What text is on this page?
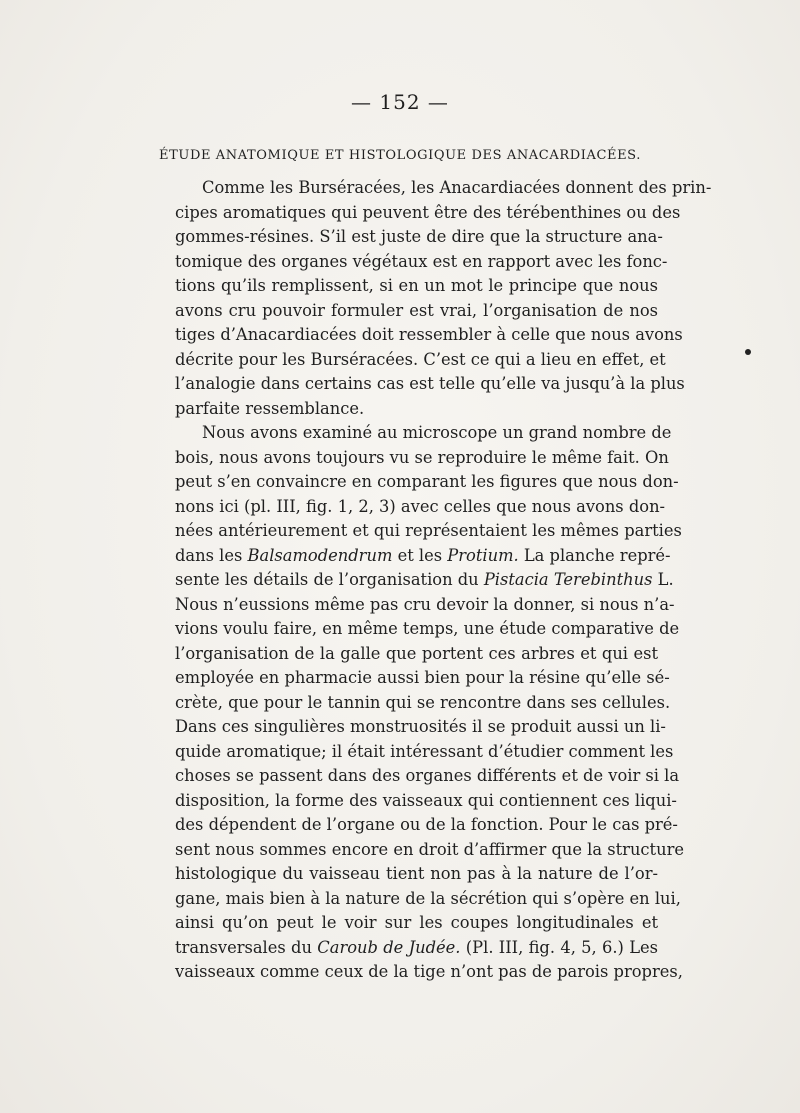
— 152 —
ÉTUDE ANATOMIQUE ET HISTOLOGIQUE DES ANACARDIACÉES.
Comme les Burséracées, les Anacardiacées donnent des prin-
cipes aromatiques qui peuvent être des térébenthines ou des
gommes-résines. S’il est juste de dire que la structure ana-
tomique des organes végétaux est en rapport avec les fonc-
tions qu’ils remplissent, si en un mot le principe que nous
avons cru pouvoir formuler est vrai, l’organisation de nos
tiges d’Anacardiacées doit ressembler à celle que nous avons
décrite pour les Burséracées. C’est ce qui a lieu en effet, et
l’analogie dans certains cas est telle qu’elle va jusqu’à la plus
parfaite ressemblance.
Nous avons examiné au microscope un grand nombre de
bois, nous avons toujours vu se reproduire le même fait. On
peut s’en convaincre en comparant les figures que nous don-
nons ici (pl. III, fig. 1, 2, 3) avec celles que nous avons don-
nées antérieurement et qui représentaient les mêmes parties
dans les Balsamodendrum et les Protium. La planche repré-
sente les détails de l’organisation du Pistacia Terebinthus L.
Nous n’eussions même pas cru devoir la donner, si nous n’a-
vions voulu faire, en même temps, une étude comparative de
l’organisation de la galle que portent ces arbres et qui est
employée en pharmacie aussi bien pour la résine qu’elle sé-
crète, que pour le tannin qui se rencontre dans ses cellules.
Dans ces singulières monstruosités il se produit aussi un li-
quide aromatique; il était intéressant d’étudier comment les
choses se passent dans des organes différents et de voir si la
disposition, la forme des vaisseaux qui contiennent ces liqui-
des dépendent de l’organe ou de la fonction. Pour le cas pré-
sent nous sommes encore en droit d’affirmer que la structure
histologique du vaisseau tient non pas à la nature de l’or-
gane, mais bien à la nature de la sécrétion qui s’opère en lui,
ainsi qu’on peut le voir sur les coupes longitudinales et
transversales du Caroub de Judée. (Pl. III, fig. 4, 5, 6.) Les
vaisseaux comme ceux de la tige n’ont pas de parois propres,
